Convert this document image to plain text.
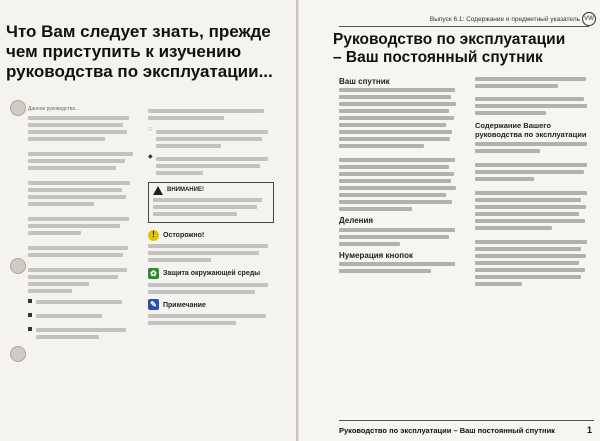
Что Вам следует знать, прежде чем приступить к изучению руководства по эксплуатации...
Данное руководство...
☞
◆
ВНИМАНИЕ!
!	Осторожно!
✿ Защита окружающей среды
✎ Примечание
Выпуск 6.1: Содержание и предметный указатель VW
Руководство по эксплуатации – Ваш постоянный спутник
Ваш спутник
Деления
Нумерация кнопок
Содержание Вашего руководства по эксплуатации
Руководство по эксплуатации – Ваш постоянный спутник	1
